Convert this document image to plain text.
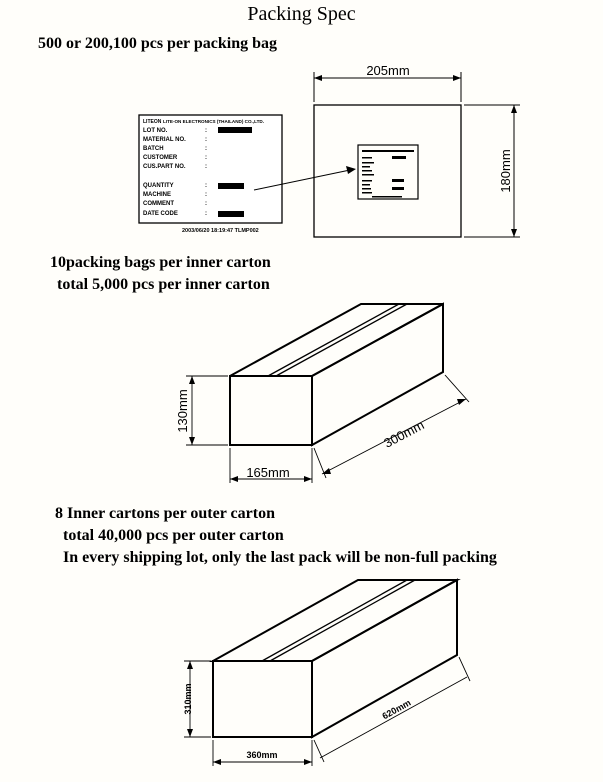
Packing Spec
500 or 200,100 pcs per packing bag
LITEON LITE-ON ELECTRONICS (THAILAND) CO.,LTD.
LOT NO.	:
MATERIAL NO.	:
BATCH	:
CUSTOMER	:
CUS.PART NO.	:
QUANTITY	:
MACHINE	:
COMMENT	:
DATE CODE	:
2003/06/20 18:19:47 TLMP002
205mm
180mm
130mm
165mm
300mm
310mm
360mm
620mm
10packing bags per inner carton
total 5,000 pcs per inner carton
8 Inner cartons per outer carton
total 40,000 pcs per outer carton
In every shipping lot, only the last pack will be non-full packing
